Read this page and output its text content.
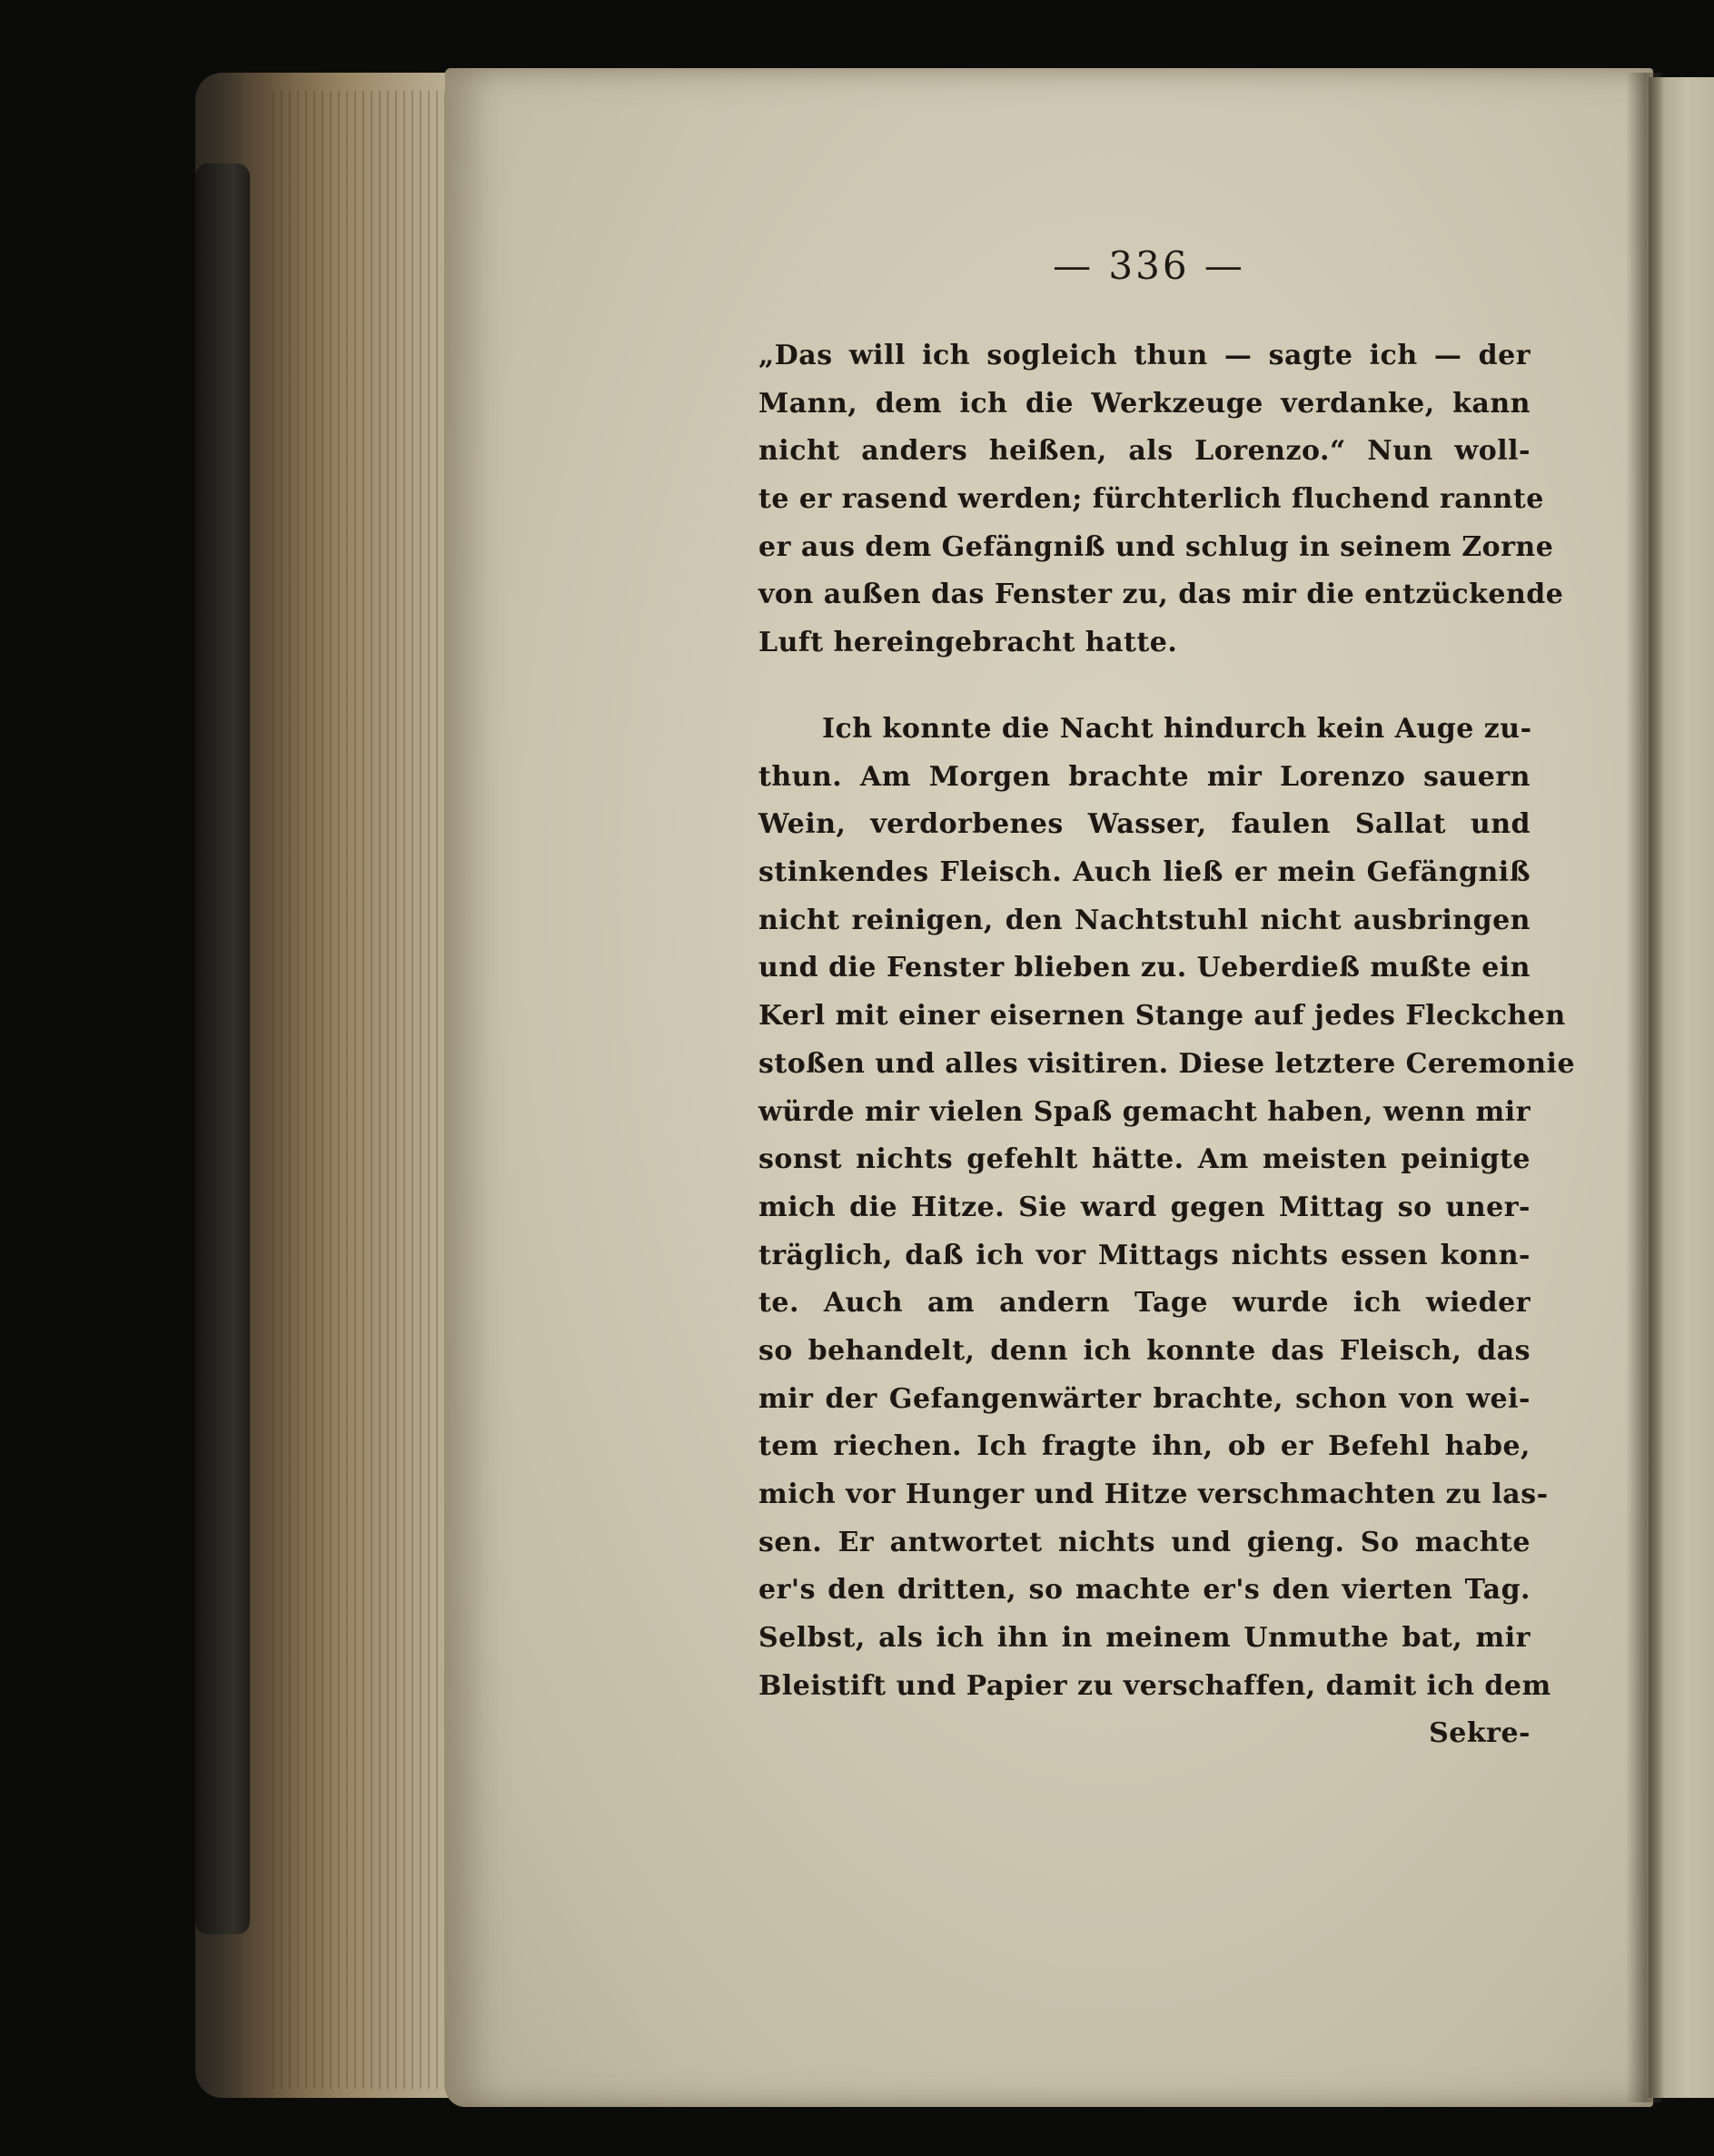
— 336 —
„Das will ich sogleich thun — sagte ich — der
Mann, dem ich die Werkzeuge verdanke, kann
nicht anders heißen, als Lorenzo.“ Nun woll-
te er rasend werden; fürchterlich fluchend rannte
er aus dem Gefängniß und schlug in seinem Zorne
von außen das Fenster zu, das mir die entzückende
Luft hereingebracht hatte.
Ich konnte die Nacht hindurch kein Auge zu-
thun. Am Morgen brachte mir Lorenzo sauern
Wein, verdorbenes Wasser, faulen Sallat und
stinkendes Fleisch. Auch ließ er mein Gefängniß
nicht reinigen, den Nachtstuhl nicht ausbringen
und die Fenster blieben zu. Ueberdieß mußte ein
Kerl mit einer eisernen Stange auf jedes Fleckchen
stoßen und alles visitiren. Diese letztere Ceremonie
würde mir vielen Spaß gemacht haben, wenn mir
sonst nichts gefehlt hätte. Am meisten peinigte
mich die Hitze. Sie ward gegen Mittag so uner-
träglich, daß ich vor Mittags nichts essen konn-
te. Auch am andern Tage wurde ich wieder
so behandelt, denn ich konnte das Fleisch, das
mir der Gefangenwärter brachte, schon von wei-
tem riechen. Ich fragte ihn, ob er Befehl habe,
mich vor Hunger und Hitze verschmachten zu las-
sen. Er antwortet nichts und gieng. So machte
er's den dritten, so machte er's den vierten Tag.
Selbst, als ich ihn in meinem Unmuthe bat, mir
Bleistift und Papier zu verschaffen, damit ich dem
Sekre-
